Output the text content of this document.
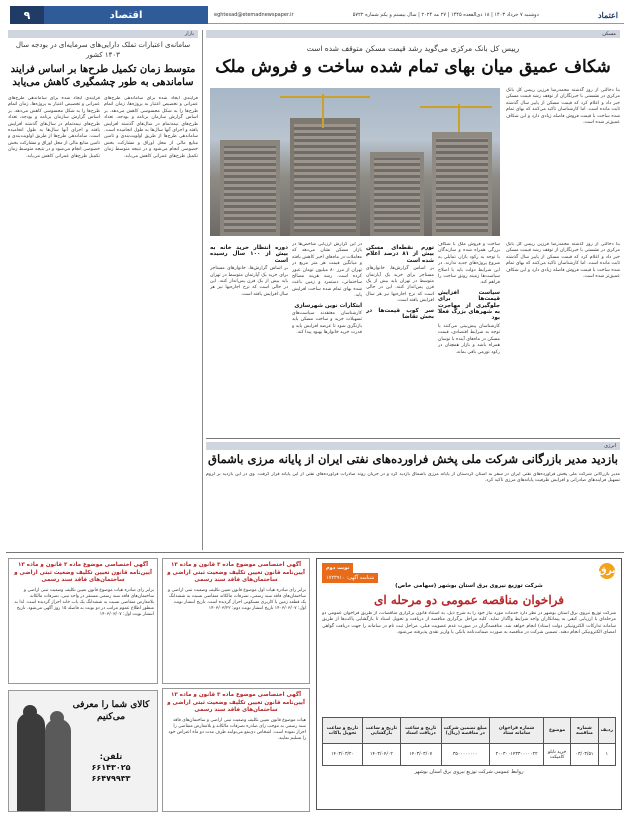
۹	اقتصاد	اعتماد
دوشنبه ۷ خرداد ۱۴۰۳ | ۱۸ ذی‌القعده ۱۴۴۵ | ۲۷ مه ۲۰۲۴ | سال بیستم و یکم شماره ۵۷۲۲
eghtesad@etemadnewspaper.ir
مسکن
بازار
رییس کل بانک مرکزی می‌گوید رشد قیمت مسکن متوقف شده است
شکاف عمیق میان بهای تمام شده ساخت و فروش ملک
بنا دخالتی از روز گذشته محمدرضا فرزین رییس کل بانک مرکزی در نشستی با خبرنگاران از توقف رشد قیمت مسکن خبر داد و اعلام کرد که قیمت مسکن از پاییز سال گذشته ثابت مانده است. اما کارشناسان تاکید می‌کنند که بهای تمام شده ساخت با قیمت فروش فاصله زیادی دارد و این شکاف عمیق‌تر شده است.
ساخت و فروش ملک با شکاف بزرگی همراه شده و سازندگان با توجه به رکود بازار، تمایلی به شروع پروژه‌های جدید ندارند. در این شرایط دولت باید با اصلاح سیاست‌ها زمینه رونق ساخت را فراهم کند.
سیاست افزایش قیمت‌ها برای جلوگیری از مهاجرت به شهرهای بزرگ فعلا بود
کارشناسان پیش‌بینی می‌کنند با توجه به شرایط اقتصادی، قیمت مسکن در ماه‌های آینده با نوسان همراه باشد و بازار همچنان در رکود تورمی باقی بماند.
تورم نقطه‌ای مسکن بیش از ۸۱ درصد اعلام شده است
بر اساس گزارش‌ها، خانوارهای مستاجر برای خرید یک آپارتمان متوسط در تهران باید بیش از یک قرن پس‌انداز کنند. این در حالی است که نرخ اجاره‌بها نیز هر سال افزایش یافته است.
سر کوب قیمت‌ها در بخش تقاضا
در این گزارش ارزیابی شاخص‌ها در بازار مسکن نشان می‌دهد که معاملات در ماه‌های اخیر کاهش یافته و میانگین قیمت هر متر مربع در تهران از مرز ۸۰ میلیون تومان عبور کرده است. رشد هزینه مصالح ساختمانی، دستمزد و زمین باعث شده بهای تمام شده ساخت افزایش یابد.
ابتکارات نوین شهرسازی
کارشناسان معتقدند سیاست‌های تسهیلات خرید و ساخت مسکن باید بازنگری شود تا عرضه افزایش یابد و قدرت خرید خانوارها بهبود پیدا کند.
دوره انتظار خرید خانه به بیش از ۱۰۰ سال رسیده است
بر اساس گزارش‌ها، خانوارهای مستاجر برای خرید یک آپارتمان متوسط در تهران باید بیش از یک قرن پس‌انداز کنند. این در حالی است که نرخ اجاره‌بها نیز هر سال افزایش یافته است.
بنا دخالتی از روز گذشته محمدرضا فرزین رییس کل بانک مرکزی در نشستی با خبرنگاران از توقف رشد قیمت مسکن خبر داد و اعلام کرد که قیمت مسکن از پاییز سال گذشته ثابت مانده است. اما کارشناسان تاکید می‌کنند که بهای تمام شده ساخت با قیمت فروش فاصله زیادی دارد و این شکاف عمیق‌تر شده است.
سامانه‌ی اعتبارات تملک دارایی‌های سرمایه‌ای در بودجه سال ۱۴۰۳ کشور
متوسط زمان تکمیل طرح‌ها بر اساس فرایند ساماندهی به طور چشمگیری کاهش می‌یابد
فرایندی ایجاد شده برای ساماندهی طرح‌های عمرانی و تخصیص اعتبار به پروژه‌ها، زمان اتمام طرح‌ها را به شکل محسوسی کاهش می‌دهد. بر اساس گزارش سازمان برنامه و بودجه، تعداد طرح‌های نیمه‌تمام در سال‌های گذشته افزایش یافته و اجرای آنها سال‌ها به طول انجامیده است. ساماندهی طرح‌ها از طریق اولویت‌بندی و تامین منابع مالی از محل اوراق و مشارکت بخش خصوصی انجام می‌شود و در نتیجه متوسط زمان تکمیل طرح‌های عمرانی کاهش می‌یابد.
فرایندی ایجاد شده برای ساماندهی طرح‌های عمرانی و تخصیص اعتبار به پروژه‌ها، زمان اتمام طرح‌ها را به شکل محسوسی کاهش می‌دهد. بر اساس گزارش سازمان برنامه و بودجه، تعداد طرح‌های نیمه‌تمام در سال‌های گذشته افزایش یافته و اجرای آنها سال‌ها به طول انجامیده است. ساماندهی طرح‌ها از طریق اولویت‌بندی و تامین منابع مالی از محل اوراق و مشارکت بخش خصوصی انجام می‌شود و در نتیجه متوسط زمان تکمیل طرح‌های عمرانی کاهش می‌یابد.
انرژی
بازدید مدیر بازرگانی شرکت ملی پخش فراورده‌های نفتی ایران از پایانه مرزی باشماق
مدیر بازرگانی شرکت ملی پخش فراورده‌های نفتی ایران در سفر به استان کردستان از پایانه مرزی باشماق بازدید کرد و در جریان روند صادرات فراورده‌های نفتی از این پایانه قرار گرفت. وی در این بازدید بر لزوم تسهیل فرایندهای صادراتی و افزایش ظرفیت پایانه‌های مرزی تاکید کرد.
آگهی اختصاصی موضوع ماده ۳ قانون و ماده ۱۳ آیین‌نامه قانون تعیین تکلیف وضعیت ثبتی اراضی و ساختمان‌های فاقد سند رسمی
برابر رای صادره هیات موضوع قانون تعیین تکلیف وضعیت ثبتی اراضی و ساختمان‌های فاقد سند رسمی مستقر در واحد ثبتی، تصرفات مالکانه بلامعارض متقاضی نسبت به ششدانگ یک باب خانه احراز گردیده است. لذا به منظور اطلاع عموم مراتب در دو نوبت به فاصله ۱۵ روز آگهی می‌شود. تاریخ انتشار نوبت اول: ۱۴۰۳/۰۳/۰۷
آگهی اختصاصی موضوع ماده ۳ قانون و ماده ۱۳ آیین‌نامه قانون تعیین تکلیف وضعیت ثبتی اراضی و ساختمان‌های فاقد سند رسمی
برابر رای صادره هیات اول موضوع قانون تعیین تکلیف وضعیت ثبتی اراضی و ساختمان‌های فاقد سند رسمی، تصرفات مالکانه متقاضی نسبت به ششدانگ یک قطعه زمین با کاربری مسکونی احراز گردیده است. تاریخ انتشار نوبت اول: ۱۴۰۳/۰۳/۰۷ تاریخ انتشار نوبت دوم: ۱۴۰۳/۰۳/۲۲
آگهی اختصاصی موضوع ماده ۳ قانون و ماده ۱۳ آیین‌نامه قانون تعیین تکلیف وضعیت ثبتی اراضی و ساختمان‌های فاقد سند رسمی
هیات موضوع قانون تعیین تکلیف وضعیت ثبتی اراضی و ساختمان‌های فاقد سند رسمی به موجب رای صادره تصرفات مالکانه و بلامعارض متقاضی را احراز نموده است. اشخاص ذی‌نفع می‌توانند ظرف مدت دو ماه اعتراض خود را تسلیم نمایند.
کالای شما را معرفی می‌کنیم
تلفن:
۶۶۱۴۳۰۲۵
۶۶۴۷۹۹۳۳
نوبت دوم
شناسه آگهی: ۱۷۲۳۹۱۰
برق
شرکت توزیع نیروی برق استان بوشهر (سهامی خاص)
فراخوان مناقصه عمومی دو مرحله ای
شرکت توزیع نیروی برق استان بوشهر در نظر دارد خدمات مورد نیاز خود را به شرح ذیل، به استناد قانون برگزاری مناقصات، از طریق فراخوان عمومی دو مرحله‌ای با ارزیابی کیفی به پیمانکاران واجد شرایط واگذار نماید. کلیه مراحل برگزاری مناقصه از دریافت و تحویل اسناد تا بازگشایی پاکت‌ها از طریق سامانه تدارکات الکترونیکی دولت (ستاد) انجام خواهد شد. مناقصه‌گران در صورت عدم عضویت قبلی، مراحل ثبت نام در سامانه را جهت دریافت گواهی امضای الکترونیکی انجام دهند. تضمین شرکت در مناقصه به صورت ضمانت‌نامه بانکی یا واریز نقدی پذیرفته می‌شود.
ردیف	شماره مناقصه	موضوع	شماره فراخوان سامانه ستاد	مبلغ تضمین شرکت در مناقصه (ریال)	تاریخ و ساعت دریافت اسناد	تاریخ و ساعت بازگشایی	تاریخ و ساعت تحویل پاکات
۱	۰۳/۰۳/۵۱	خرید تابلو کامپکت	۲۰۰۳۰۰۱۴۳۳۰۰۰۰۰۲۲	۳۵۰۰۰۰۰۰۰۰	۱۴۰۳/۰۳/۰۷	۱۴۰۳/۰۴/۰۲	۱۴۰۳/۰۳/۲۰
روابط عمومی شرکت توزیع نیروی برق استان بوشهر
